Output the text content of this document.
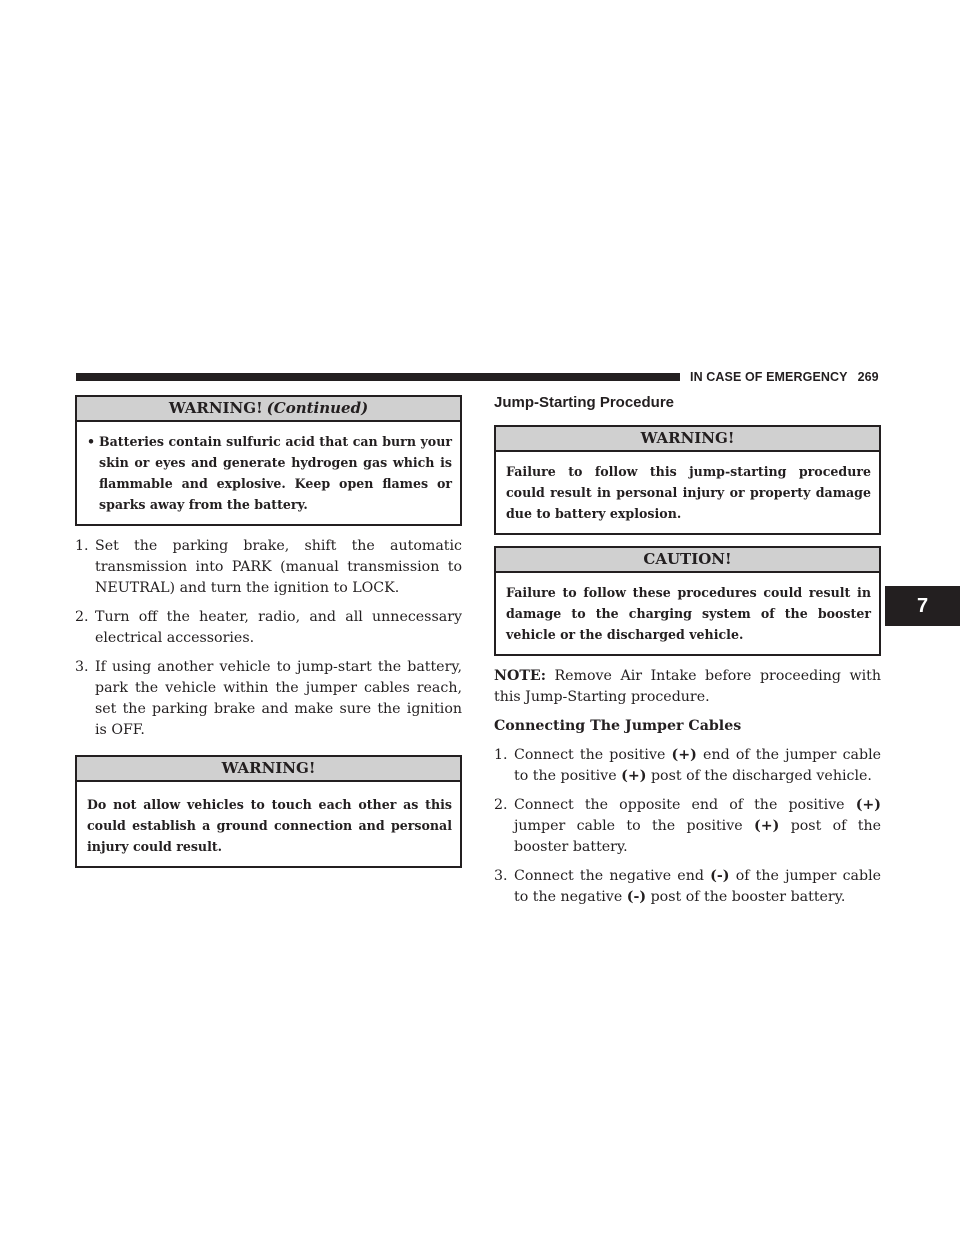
IN CASE OF EMERGENCY 269
7
WARNING! (Continued)
• Batteries contain sulfuric acid that can burn your skin or eyes and generate hydrogen gas which is flammable and explosive. Keep open flames or sparks away from the battery.
1. Set the parking brake, shift the automatic transmission into PARK (manual transmission to NEUTRAL) and turn the ignition to LOCK.
2. Turn off the heater, radio, and all unnecessary electrical accessories.
3. If using another vehicle to jump-start the battery, park the vehicle within the jumper cables reach, set the parking brake and make sure the ignition is OFF.
WARNING!
Do not allow vehicles to touch each other as this could establish a ground connection and personal injury could result.
Jump-Starting Procedure
WARNING!
Failure to follow this jump-starting procedure could result in personal injury or property damage due to battery explosion.
CAUTION!
Failure to follow these procedures could result in damage to the charging system of the booster vehicle or the discharged vehicle.

NOTE: Remove Air Intake before proceeding with this Jump-Starting procedure.

Connecting The Jumper Cables

1. Connect the positive (+) end of the jumper cable to the positive (+) post of the discharged vehicle.
2. Connect the opposite end of the positive (+) jumper cable to the positive (+) post of the booster battery.
3. Connect the negative end (-) of the jumper cable to the negative (-) post of the booster battery.
